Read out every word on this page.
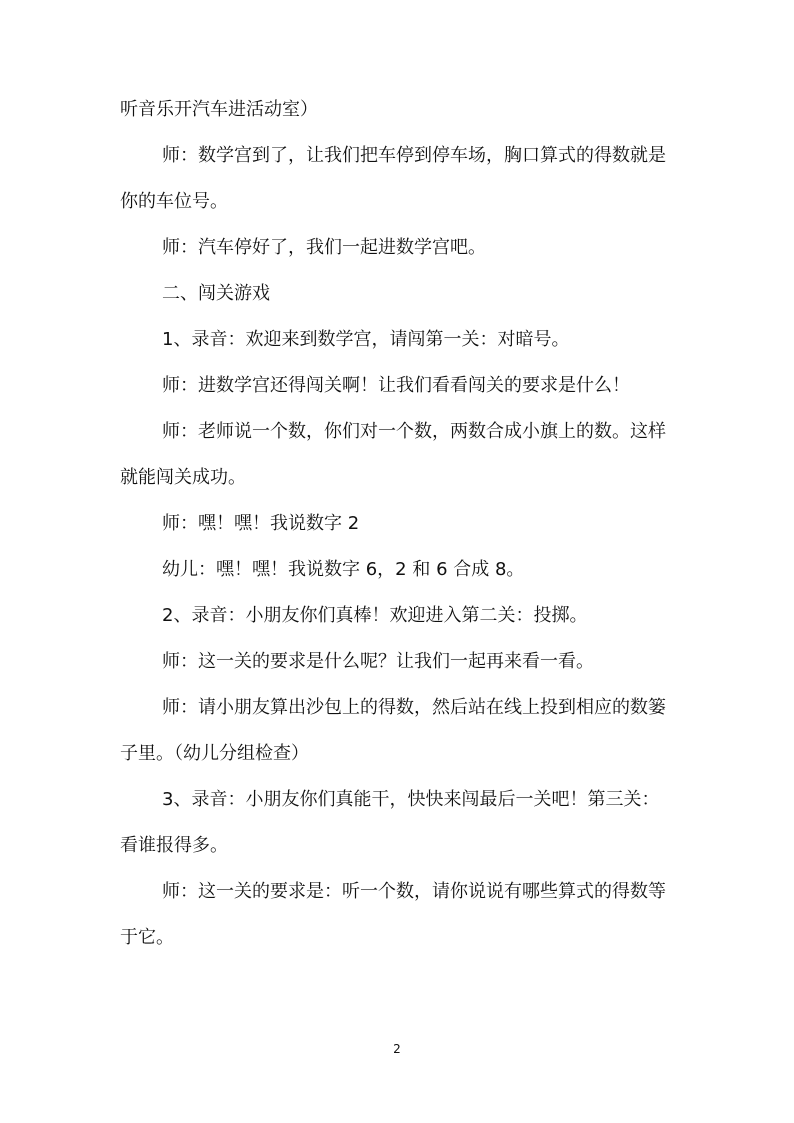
听音乐开汽车进活动室）

师：数学宫到了，让我们把车停到停车场，胸口算式的得数就是

你的车位号。

师：汽车停好了，我们一起进数学宫吧。

二、闯关游戏

1、录音：欢迎来到数学宫，请闯第一关：对暗号。

师：进数学宫还得闯关啊！让我们看看闯关的要求是什么！

师：老师说一个数，你们对一个数，两数合成小旗上的数。这样

就能闯关成功。

师：嘿！嘿！我说数字 2

幼儿：嘿！嘿！我说数字 6，2 和 6 合成 8。

2、录音：小朋友你们真棒！欢迎进入第二关：投掷。

师：这一关的要求是什么呢？让我们一起再来看一看。

师：请小朋友算出沙包上的得数，然后站在线上投到相应的数篓

子里。（幼儿分组检查）

3、录音：小朋友你们真能干，快快来闯最后一关吧！第三关：

看谁报得多。

师：这一关的要求是：听一个数，请你说说有哪些算式的得数等

于它。

2
